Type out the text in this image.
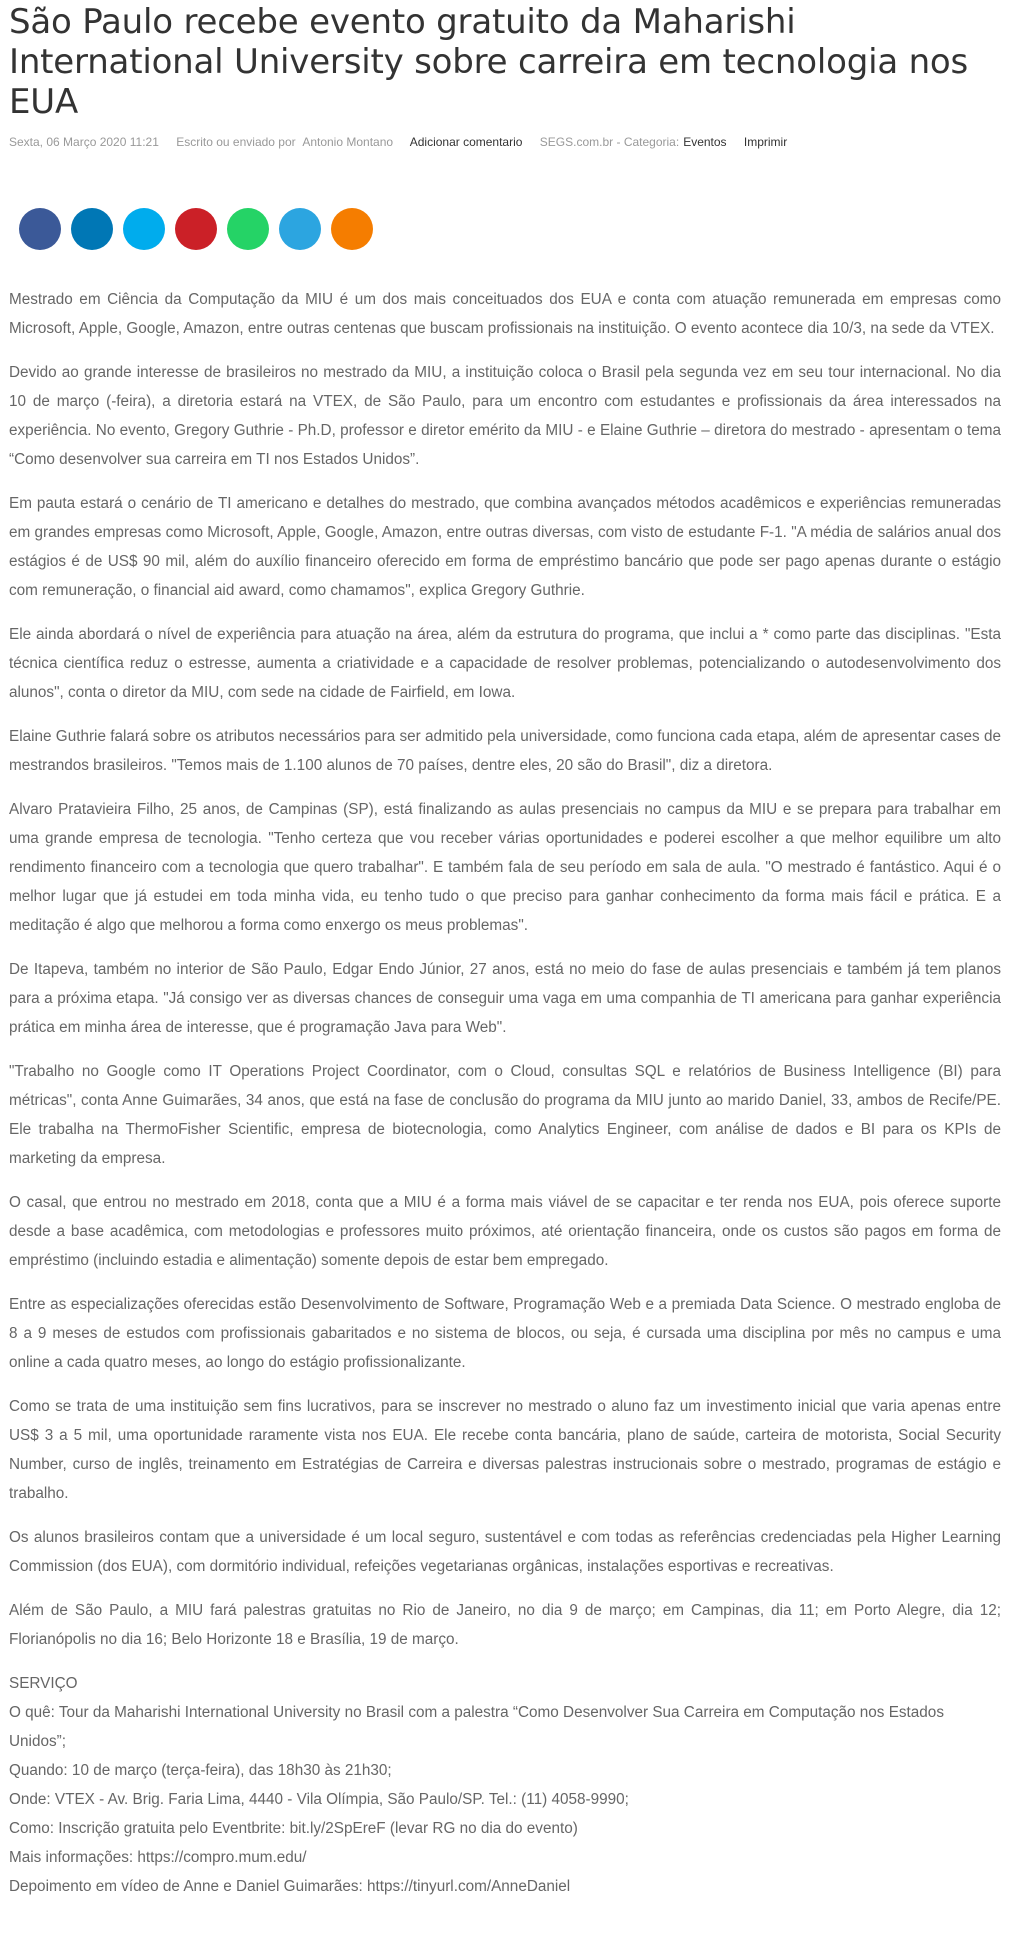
São Paulo recebe evento gratuito da Maharishi International University sobre carreira em tecnologia nos EUA
Sexta, 06 Março 2020 11:21 Escrito ou enviado por Antonio Montano Adicionar comentario SEGS.com.br - Categoria: Eventos Imprimir

Mestrado em Ciência da Computação da MIU é um dos mais conceituados dos EUA e conta com atuação remunerada em empresas como Microsoft, Apple, Google, Amazon, entre outras centenas que buscam profissionais na instituição. O evento acontece dia 10/3, na sede da VTEX.

Devido ao grande interesse de brasileiros no mestrado da MIU, a instituição coloca o Brasil pela segunda vez em seu tour internacional. No dia 10 de março (-feira), a diretoria estará na VTEX, de São Paulo, para um encontro com estudantes e profissionais da área interessados na experiência. No evento, Gregory Guthrie - Ph.D, professor e diretor emérito da MIU - e Elaine Guthrie – diretora do mestrado - apresentam o tema “Como desenvolver sua carreira em TI nos Estados Unidos”.

Em pauta estará o cenário de TI americano e detalhes do mestrado, que combina avançados métodos acadêmicos e experiências remuneradas em grandes empresas como Microsoft, Apple, Google, Amazon, entre outras diversas, com visto de estudante F-1. "A média de salários anual dos estágios é de US$ 90 mil, além do auxílio financeiro oferecido em forma de empréstimo bancário que pode ser pago apenas durante o estágio com remuneração, o financial aid award, como chamamos", explica Gregory Guthrie.

Ele ainda abordará o nível de experiência para atuação na área, além da estrutura do programa, que inclui a * como parte das disciplinas. "Esta técnica científica reduz o estresse, aumenta a criatividade e a capacidade de resolver problemas, potencializando o autodesenvolvimento dos alunos", conta o diretor da MIU, com sede na cidade de Fairfield, em Iowa.

Elaine Guthrie falará sobre os atributos necessários para ser admitido pela universidade, como funciona cada etapa, além de apresentar cases de mestrandos brasileiros. "Temos mais de 1.100 alunos de 70 países, dentre eles, 20 são do Brasil", diz a diretora.

Alvaro Pratavieira Filho, 25 anos, de Campinas (SP), está finalizando as aulas presenciais no campus da MIU e se prepara para trabalhar em uma grande empresa de tecnologia. "Tenho certeza que vou receber várias oportunidades e poderei escolher a que melhor equilibre um alto rendimento financeiro com a tecnologia que quero trabalhar". E também fala de seu período em sala de aula. "O mestrado é fantástico. Aqui é o melhor lugar que já estudei em toda minha vida, eu tenho tudo o que preciso para ganhar conhecimento da forma mais fácil e prática. E a meditação é algo que melhorou a forma como enxergo os meus problemas".

De Itapeva, também no interior de São Paulo, Edgar Endo Júnior, 27 anos, está no meio do fase de aulas presenciais e também já tem planos para a próxima etapa. "Já consigo ver as diversas chances de conseguir uma vaga em uma companhia de TI americana para ganhar experiência prática em minha área de interesse, que é programação Java para Web".

"Trabalho no Google como IT Operations Project Coordinator, com o Cloud, consultas SQL e relatórios de Business Intelligence (BI) para métricas", conta Anne Guimarães, 34 anos, que está na fase de conclusão do programa da MIU junto ao marido Daniel, 33, ambos de Recife/PE. Ele trabalha na ThermoFisher Scientific, empresa de biotecnologia, como Analytics Engineer, com análise de dados e BI para os KPIs de marketing da empresa.

O casal, que entrou no mestrado em 2018, conta que a MIU é a forma mais viável de se capacitar e ter renda nos EUA, pois oferece suporte desde a base acadêmica, com metodologias e professores muito próximos, até orientação financeira, onde os custos são pagos em forma de empréstimo (incluindo estadia e alimentação) somente depois de estar bem empregado.

Entre as especializações oferecidas estão Desenvolvimento de Software, Programação Web e a premiada Data Science. O mestrado engloba de 8 a 9 meses de estudos com profissionais gabaritados e no sistema de blocos, ou seja, é cursada uma disciplina por mês no campus e uma online a cada quatro meses, ao longo do estágio profissionalizante.

Como se trata de uma instituição sem fins lucrativos, para se inscrever no mestrado o aluno faz um investimento inicial que varia apenas entre US$ 3 a 5 mil, uma oportunidade raramente vista nos EUA. Ele recebe conta bancária, plano de saúde, carteira de motorista, Social Security Number, curso de inglês, treinamento em Estratégias de Carreira e diversas palestras instrucionais sobre o mestrado, programas de estágio e trabalho.

Os alunos brasileiros contam que a universidade é um local seguro, sustentável e com todas as referências credenciadas pela Higher Learning Commission (dos EUA), com dormitório individual, refeições vegetarianas orgânicas, instalações esportivas e recreativas.

Além de São Paulo, a MIU fará palestras gratuitas no Rio de Janeiro, no dia 9 de março; em Campinas, dia 11; em Porto Alegre, dia 12; Florianópolis no dia 16; Belo Horizonte 18 e Brasília, 19 de março.

SERVIÇO
O quê: Tour da Maharishi International University no Brasil com a palestra “Como Desenvolver Sua Carreira em Computação nos Estados Unidos”;
Quando: 10 de março (terça-feira), das 18h30 às 21h30;
Onde: VTEX - Av. Brig. Faria Lima, 4440 - Vila Olímpia, São Paulo/SP. Tel.: (11) 4058-9990;
Como: Inscrição gratuita pelo Eventbrite: bit.ly/2SpEreF (levar RG no dia do evento)
Mais informações: https://compro.mum.edu/
Depoimento em vídeo de Anne e Daniel Guimarães: https://tinyurl.com/AnneDaniel
